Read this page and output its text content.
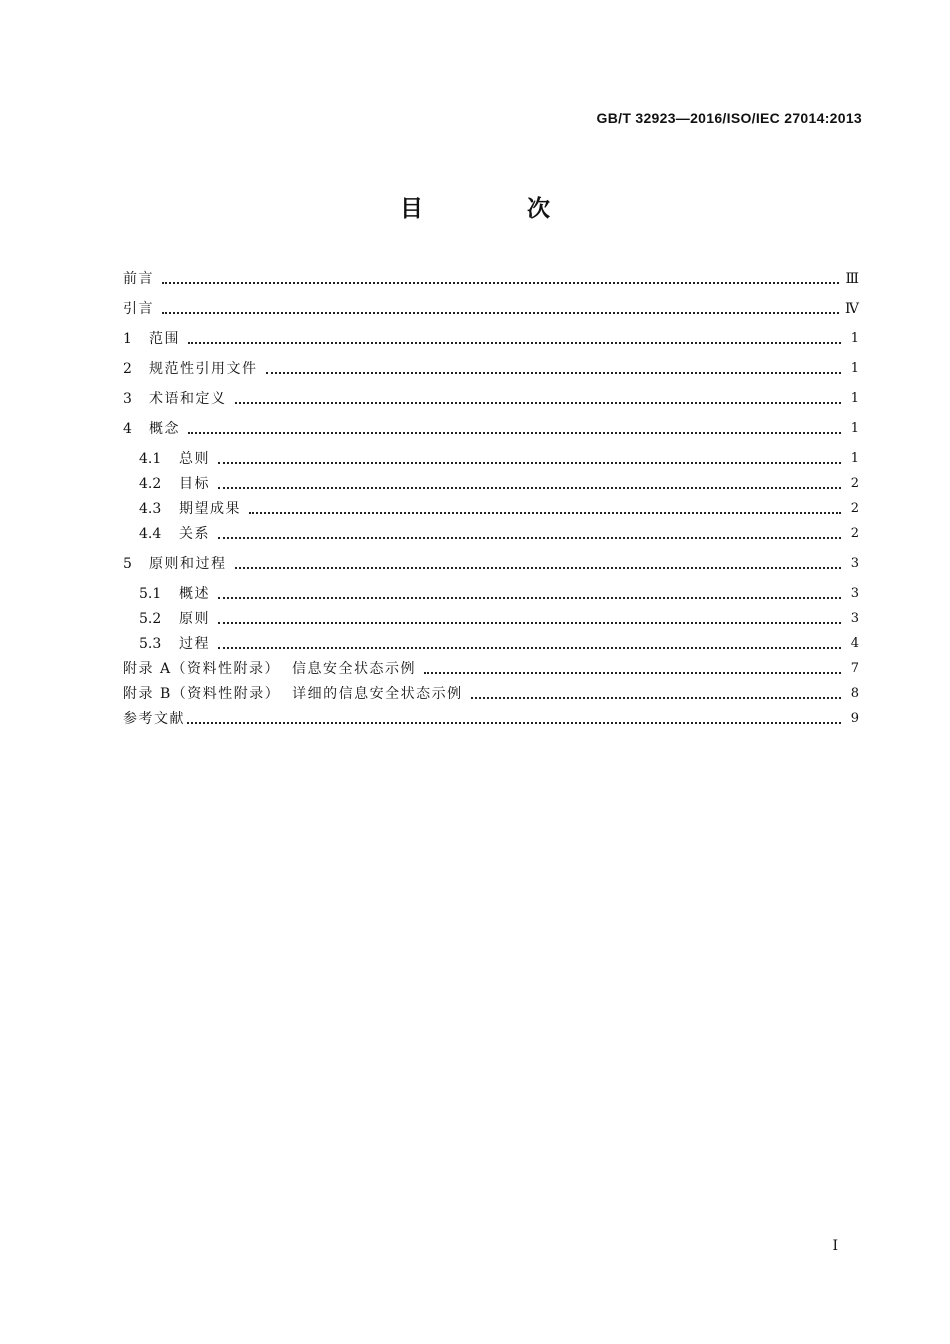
GB/T 32923—2016/ISO/IEC 27014:2013
目 次
前言	Ⅲ
引言	Ⅳ
1	范围	1
2	规范性引用文件	1
3	术语和定义	1
4	概念	1
4.1	总则	1
4.2	目标	2
4.3	期望成果	2
4.4	关系	2
5	原则和过程	3
5.1	概述	3
5.2	原则	3
5.3	过程	4
附录 A（资料性附录）  信息安全状态示例	7
附录 B（资料性附录）  详细的信息安全状态示例	8
参考文献	9
I
